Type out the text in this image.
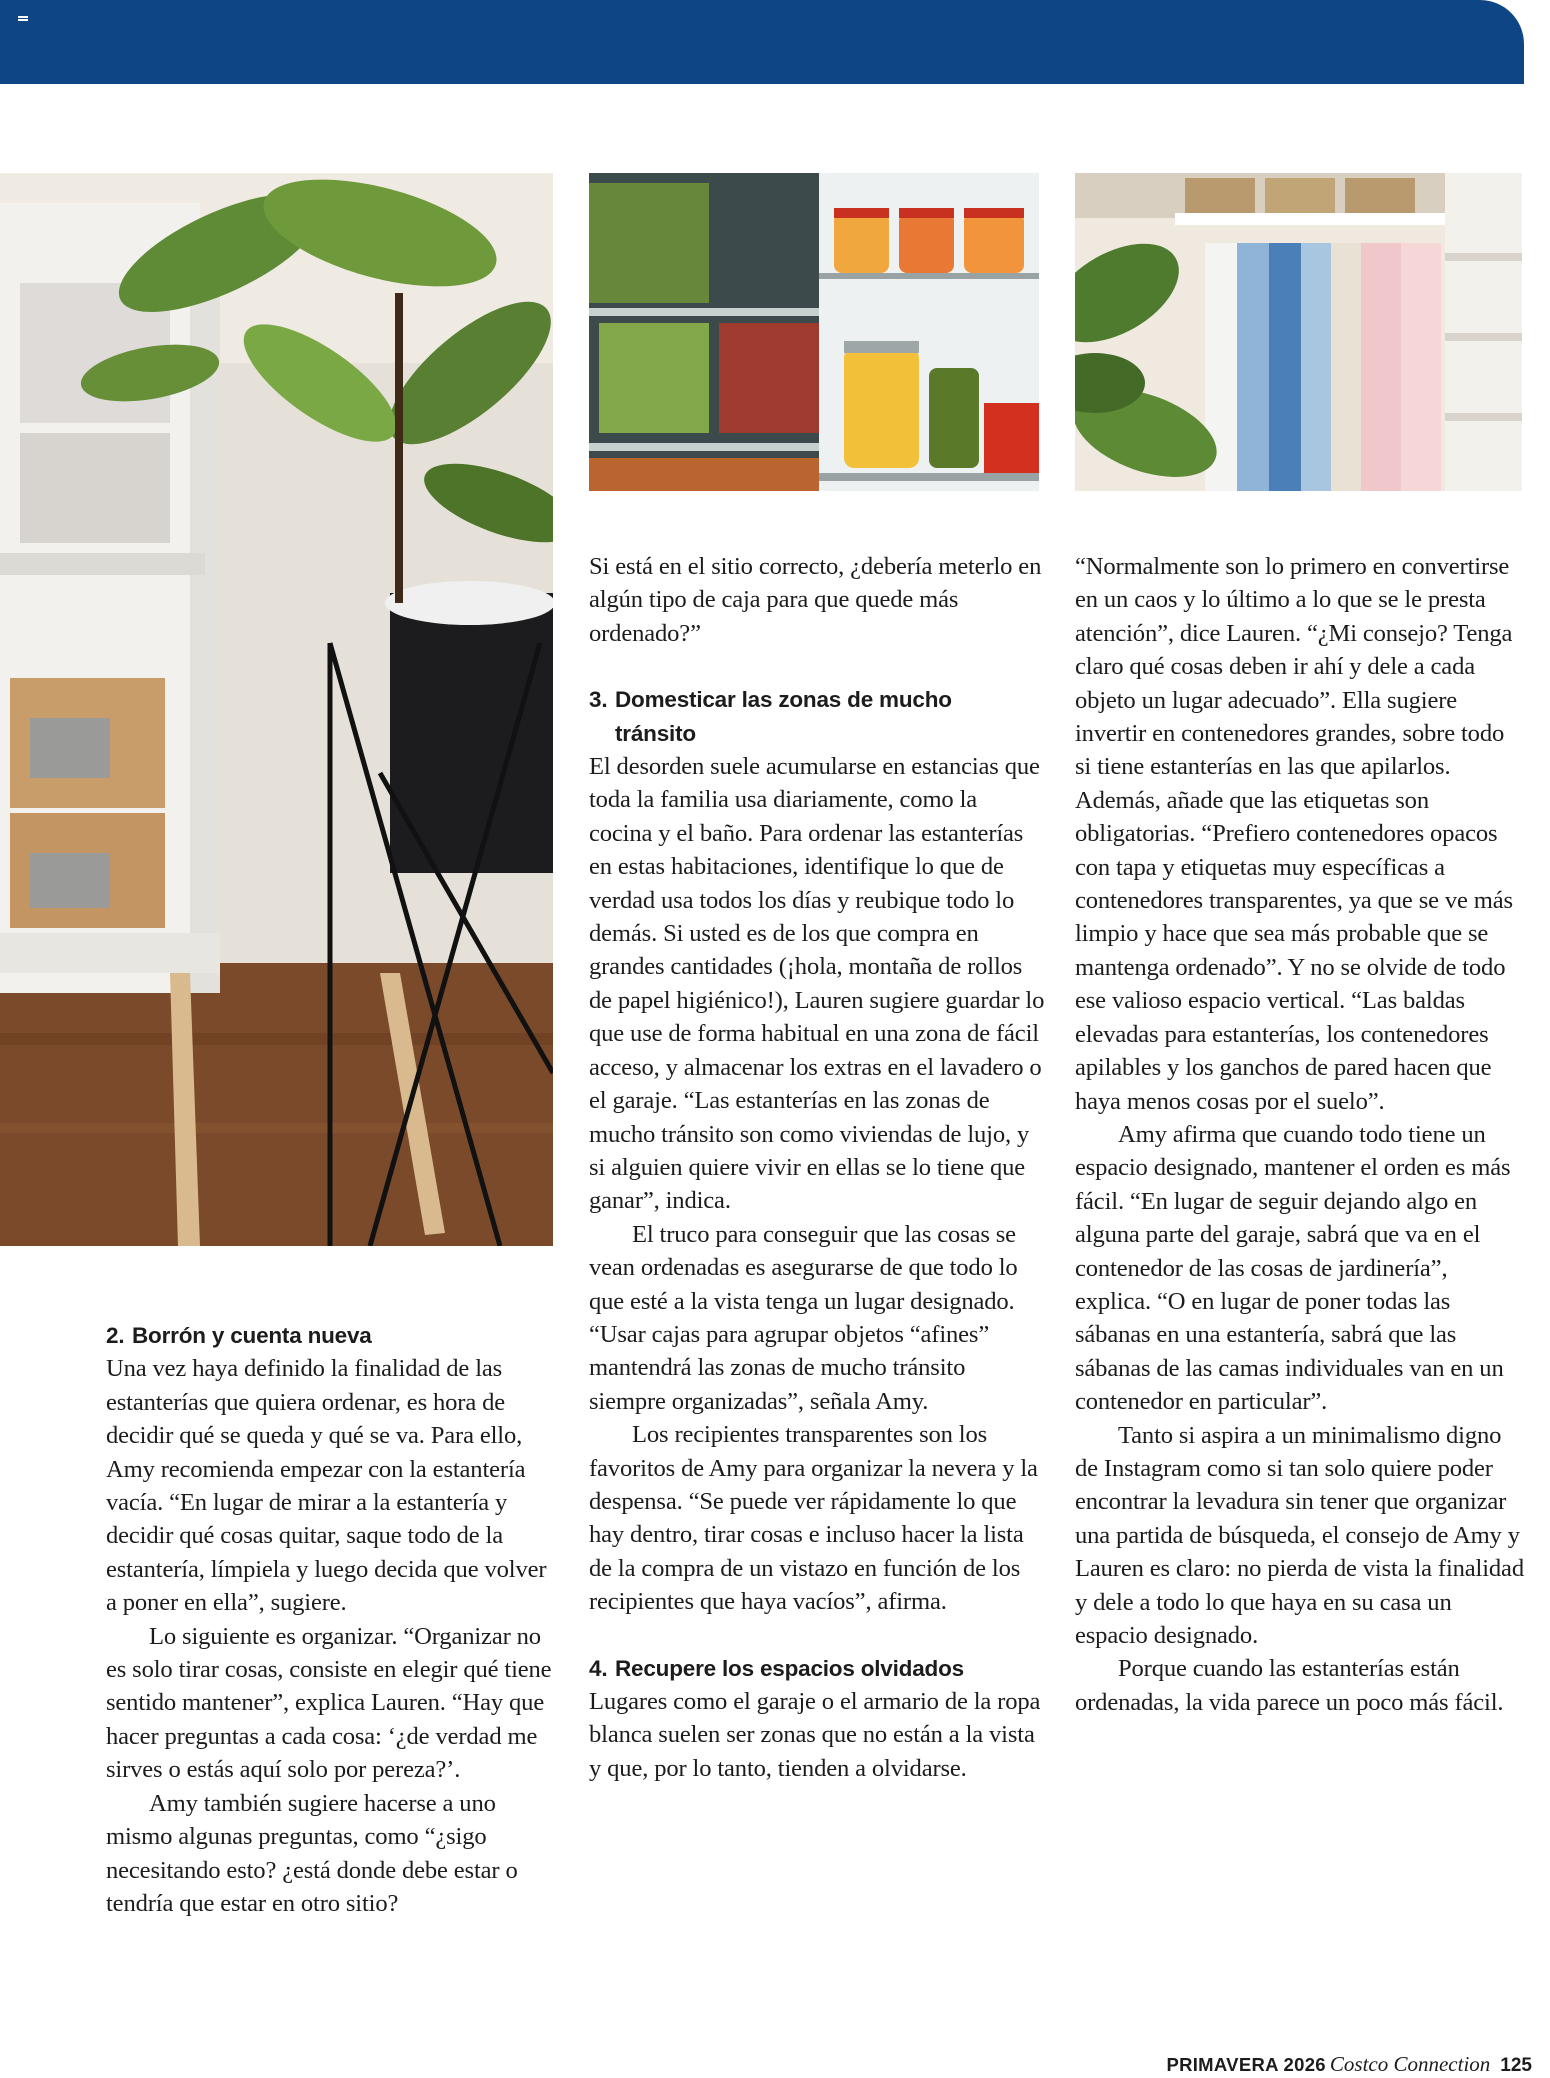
2. Borrón y cuenta nueva

Una vez haya definido la finalidad de las estanterías que quiera ordenar, es hora de decidir qué se queda y qué se va. Para ello, Amy recomienda empezar con la estantería vacía. “En lugar de mirar a la estantería y decidir qué cosas quitar, saque todo de la estantería, límpiela y luego decida que volver a poner en ella”, sugiere.

Lo siguiente es organizar. “Organizar no es solo tirar cosas, consiste en elegir qué tiene sentido mantener”, explica Lauren. “Hay que hacer preguntas a cada cosa: ‘¿de verdad me sirves o estás aquí solo por pereza?’.

Amy también sugiere hacerse a uno mismo algunas preguntas, como “¿sigo necesitando esto? ¿está donde debe estar o tendría que estar en otro sitio?

Si está en el sitio correcto, ¿debería meterlo en algún tipo de caja para que quede más ordenado?”

3. Domesticar las zonas de mucho
tránsito

El desorden suele acumularse en estancias que toda la familia usa diariamente, como la cocina y el baño. Para ordenar las estanterías en estas habitaciones, identifique lo que de verdad usa todos los días y reubique todo lo demás. Si usted es de los que compra en grandes cantidades (¡hola, montaña de rollos de papel higiénico!), Lauren sugiere guardar lo que use de forma habitual en una zona de fácil acceso, y almacenar los extras en el lavadero o el garaje. “Las estanterías en las zonas de mucho tránsito son como viviendas de lujo, y si alguien quiere vivir en ellas se lo tiene que ganar”, indica.

El truco para conseguir que las cosas se vean ordenadas es asegurarse de que todo lo que esté a la vista tenga un lugar designado. “Usar cajas para agrupar objetos “afines” mantendrá las zonas de mucho tránsito siempre organizadas”, señala Amy.

Los recipientes transparentes son los favoritos de Amy para organizar la nevera y la despensa. “Se puede ver rápidamente lo que hay dentro, tirar cosas e incluso hacer la lista de la compra de un vistazo en función de los recipientes que haya vacíos”, afirma.

4. Recupere los espacios olvidados

Lugares como el garaje o el armario de la ropa blanca suelen ser zonas que no están a la vista y que, por lo tanto, tienden a olvidarse.

“Normalmente son lo primero en convertirse en un caos y lo último a lo que se le presta atención”, dice Lauren. “¿Mi consejo? Tenga claro qué cosas deben ir ahí y dele a cada objeto un lugar adecuado”. Ella sugiere invertir en contenedores grandes, sobre todo si tiene estanterías en las que apilarlos. Además, añade que las etiquetas son obligatorias. “Prefiero contenedores opacos con tapa y etiquetas muy específicas a contenedores transparentes, ya que se ve más limpio y hace que sea más probable que se mantenga ordenado”. Y no se olvide de todo ese valioso espacio vertical. “Las baldas elevadas para estanterías, los contenedores apilables y los ganchos de pared hacen que haya menos cosas por el suelo”.

Amy afirma que cuando todo tiene un espacio designado, mantener el orden es más fácil. “En lugar de seguir dejando algo en alguna parte del garaje, sabrá que va en el contenedor de las cosas de jardinería”, explica. “O en lugar de poner todas las sábanas en una estantería, sabrá que las sábanas de las camas individuales van en un contenedor en particular”.

Tanto si aspira a un minimalismo digno de Instagram como si tan solo quiere poder encontrar la levadura sin tener que organizar una partida de búsqueda, el consejo de Amy y Lauren es claro: no pierda de vista la finalidad y dele a todo lo que haya en su casa un espacio designado.

Porque cuando las estanterías están ordenadas, la vida parece un poco más fácil.

PRIMAVERA 2026 Costco Connection 125
